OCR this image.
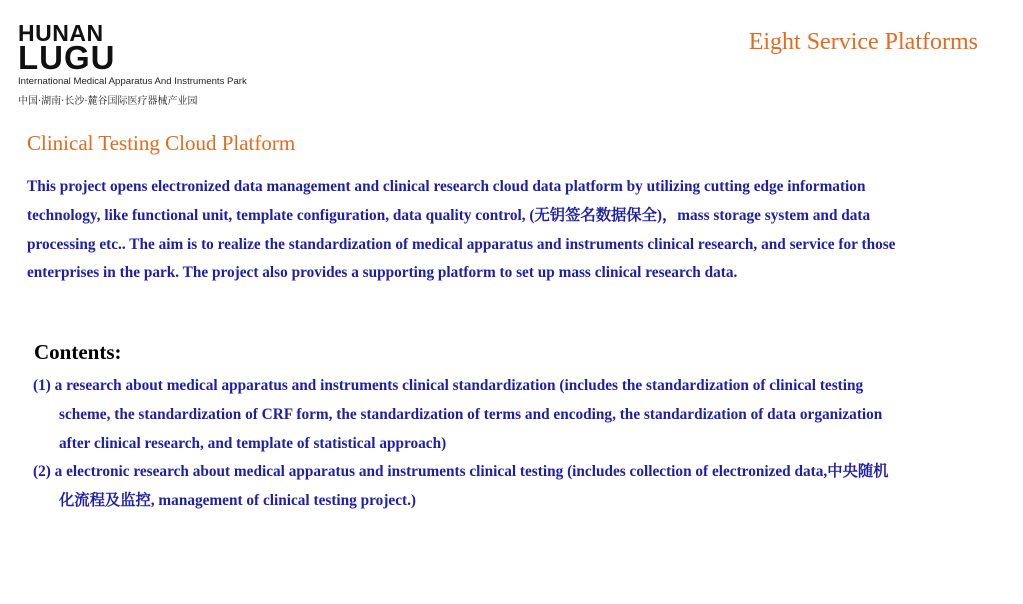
HUNAN
LUGU
International Medical Apparatus And Instruments Park
中国·湖南·长沙·麓谷国际医疗器械产业园
Eight Service Platforms
Clinical Testing Cloud Platform

This project opens electronized data management and clinical research cloud data platform by utilizing cutting edge information technology, like functional unit, template configuration, data quality control, (无钥签名数据保全)，mass storage system and data processing etc.. The aim is to realize the standardization of medical apparatus and instruments clinical research, and service for those enterprises in the park. The project also provides a supporting platform to set up mass clinical research data.

Contents:
(1) a research about medical apparatus and instruments clinical standardization (includes the standardization of clinical testing scheme, the standardization of CRF form, the standardization of terms and encoding, the standardization of data organization after clinical research, and template of statistical approach)
(2) a electronic research about medical apparatus and instruments clinical testing (includes collection of electronized data,中央随机化流程及监控, management of clinical testing project.)
